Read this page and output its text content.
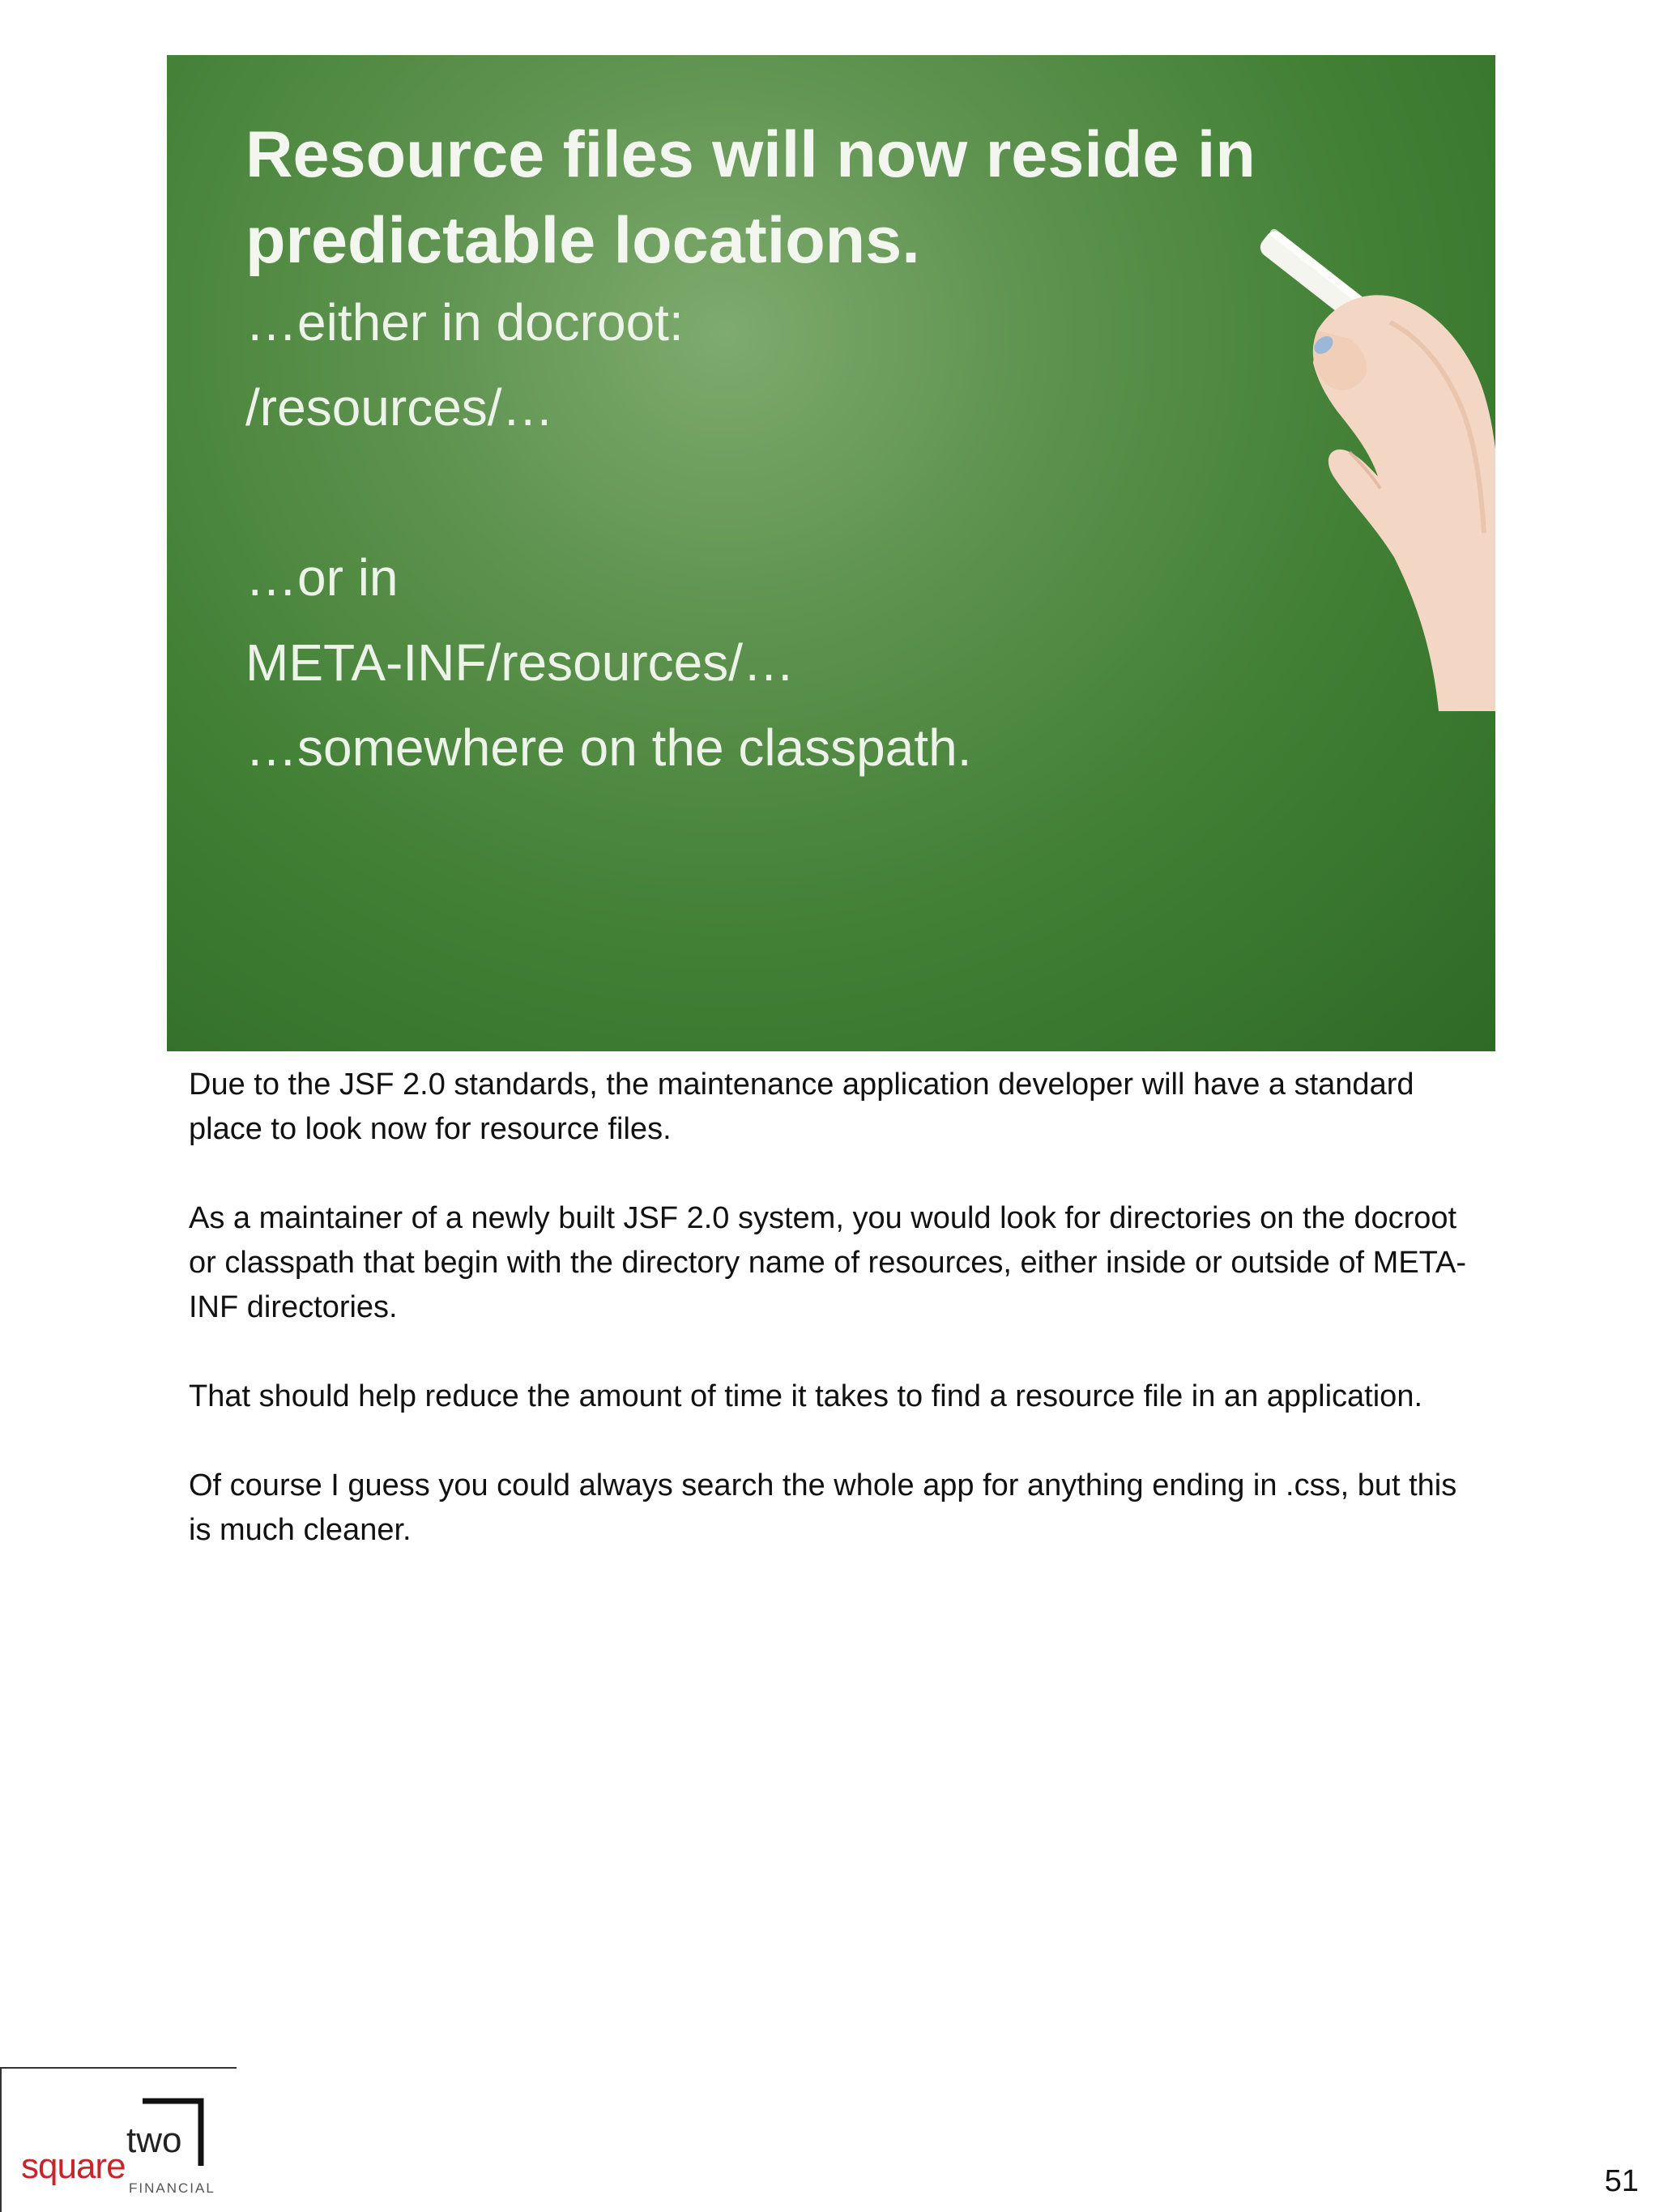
Resource files will now reside in predictable locations.
…either in docroot:
/resources/…
…or in
META-INF/resources/…
…somewhere on the classpath.

Due to the JSF 2.0 standards, the maintenance application developer will have a standard place to look now for resource files.

As a maintainer of a newly built JSF 2.0 system, you would look for directories on the docroot or classpath that begin with the directory name of resources, either inside or outside of META-INF directories.

That should help reduce the amount of time it takes to find a resource file in an application.

Of course I guess you could always search the whole app for anything ending in .css, but this is much cleaner.

square
two
FINANCIAL	51
